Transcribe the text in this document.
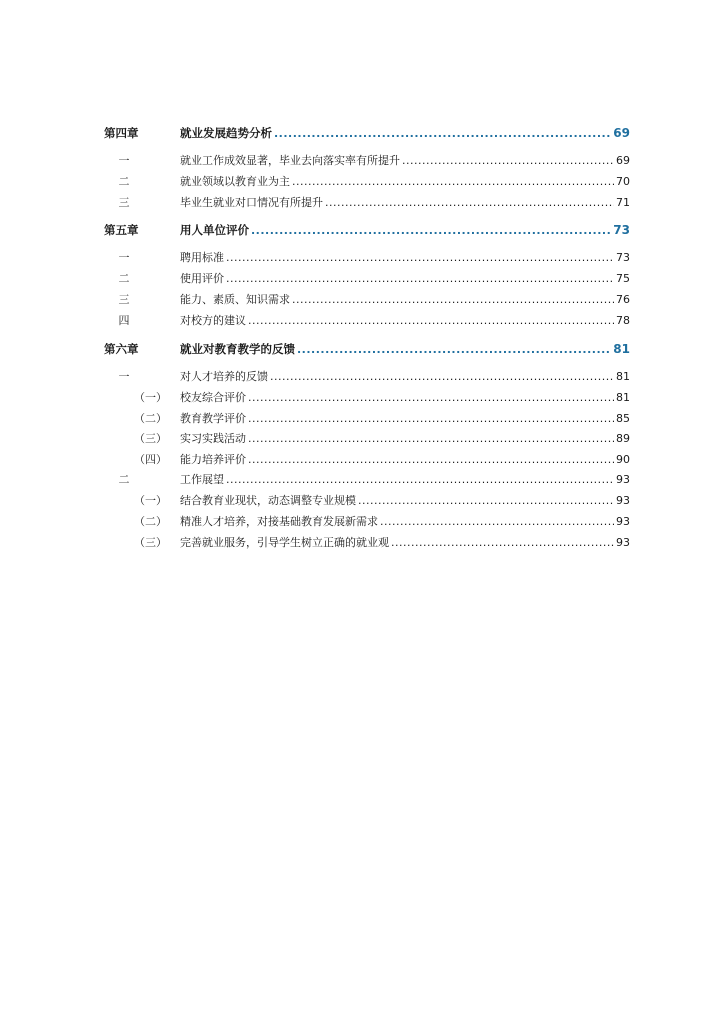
第四章	就业发展趋势分析 .....	69
一	就业工作成效显著，毕业去向落实率有所提升 .....	69
二	就业领域以教育业为主 .....	70
三	毕业生就业对口情况有所提升 .....	71
第五章	用人单位评价 .....	73
一	聘用标准 .....	73
二	使用评价 .....	75
三	能力、素质、知识需求 .....	76
四	对校方的建议 .....	78
第六章	就业对教育教学的反馈 .....	81
一	对人才培养的反馈 .....	81
（一） 校友综合评价 .....	81
（二） 教育教学评价 .....	85
（三） 实习实践活动 .....	89
（四） 能力培养评价 .....	90
二	工作展望 .....	93
（一） 结合教育业现状，动态调整专业规模 .....	93
（二） 精准人才培养，对接基础教育发展新需求 .....	93
（三） 完善就业服务，引导学生树立正确的就业观 .....	93
